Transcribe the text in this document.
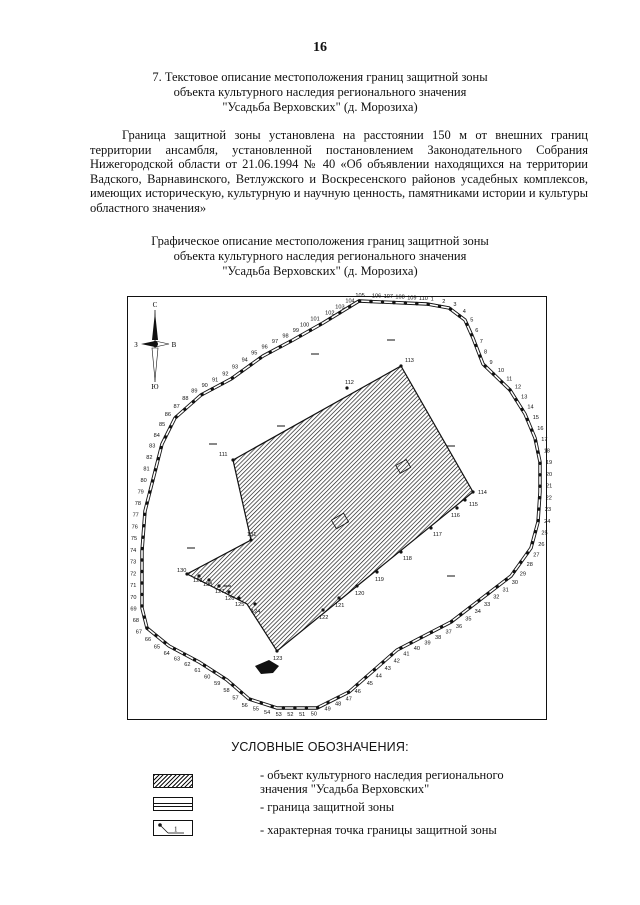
16
7. Текстовое описание местоположения границ защитной зоны
объекта культурного наследия регионального значения
"Усадьба Верховских" (д. Морозиха)

Граница защитной зоны установлена на расстоянии 150 м от внешних границ территории ансамбля, установленной постановлением Законодательного Собрания Нижегородской области от 21.06.1994 № 40 «Об объявлении находящихся на территории Вадского, Варнавинского, Ветлужского и Воскресенского районов усадебных комплексов, имеющих историческую, культурную и научную ценность, памятниками истории и культуры областного значения»

Графическое описание местоположения границ защитной зоны
объекта культурного наследия регионального значения
"Усадьба Верховских" (д. Морозиха)
С
Ю
З	В
1 2 3
4
5
6
7
8
9
10
11
12
13
14
15
16
17
18
19
20
21
22
23
24
25
26
27
28
29
30
31
32
33
34
35
36
37
38
39
40
41
42
43
44
45
46
47
48
49
50
51
52
53
54
55
56
57
58
59
60
61
62
63
64
65
66
67
68
69
70
71
72
73
74
75
76
77
78
79
80
81
82
83
84
85
86
87
88
89
90
91
92
93
94
95
96
97
98
99
100
101
102
103
104
105 106 107 108 109 110
111
112
113
114
115
116
117
118
119
120
121
122
123
124
125
126
127
128
129
130
131
УСЛОВНЫЕ ОБОЗНАЧЕНИЯ:
- объект культурного наследия регионального
значения "Усадьба Верховских"
- граница защитной зоны
1	- характерная точка границы защитной зоны
